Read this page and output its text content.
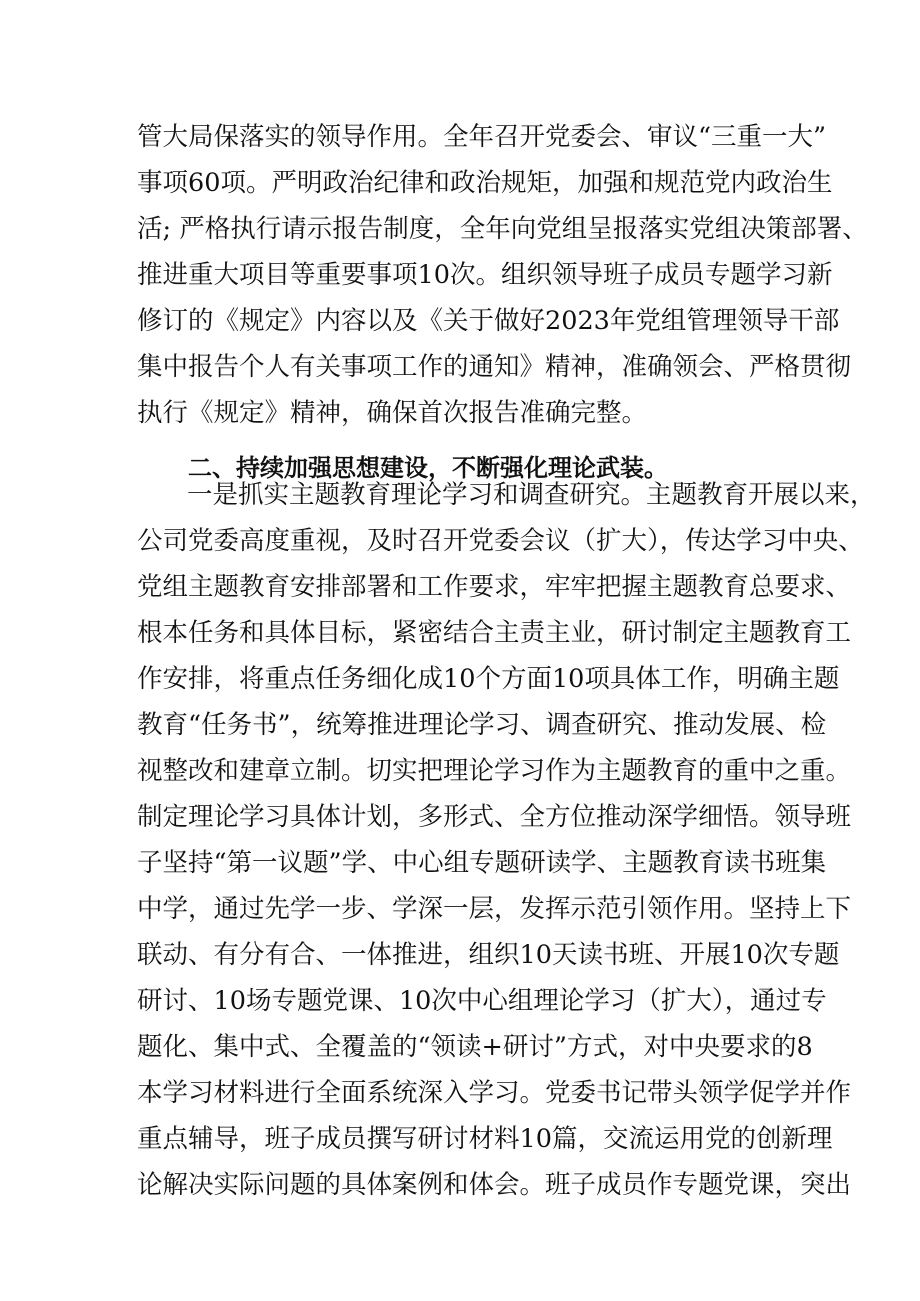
管大局保落实的领导作用。全年召开党委会、审议“三重一大”
事项60项。严明政治纪律和政治规矩，加强和规范党内政治生
活; 严格执行请示报告制度，全年向党组呈报落实党组决策部署、
推进重大项目等重要事项10次。组织领导班子成员专题学习新
修订的《规定》内容以及《关于做好2023年党组管理领导干部
集中报告个人有关事项工作的通知》精神，准确领会、严格贯彻
执行《规定》精神，确保首次报告准确完整。
二、持续加强思想建设，不断强化理论武装。
一是抓实主题教育理论学习和调查研究。主题教育开展以来，
公司党委高度重视，及时召开党委会议（扩大），传达学习中央、
党组主题教育安排部署和工作要求，牢牢把握主题教育总要求、
根本任务和具体目标，紧密结合主责主业，研讨制定主题教育工
作安排，将重点任务细化成10个方面10项具体工作，明确主题
教育“任务书”，统筹推进理论学习、调查研究、推动发展、检
视整改和建章立制。切实把理论学习作为主题教育的重中之重。
制定理论学习具体计划，多形式、全方位推动深学细悟。领导班
子坚持“第一议题”学、中心组专题研读学、主题教育读书班集
中学，通过先学一步、学深一层，发挥示范引领作用。坚持上下
联动、有分有合、一体推进，组织10天读书班、开展10次专题
研讨、10场专题党课、10次中心组理论学习（扩大），通过专
题化、集中式、全覆盖的“领读+研讨”方式，对中央要求的8
本学习材料进行全面系统深入学习。党委书记带头领学促学并作
重点辅导，班子成员撰写研讨材料10篇，交流运用党的创新理
论解决实际问题的具体案例和体会。班子成员作专题党课，突出
